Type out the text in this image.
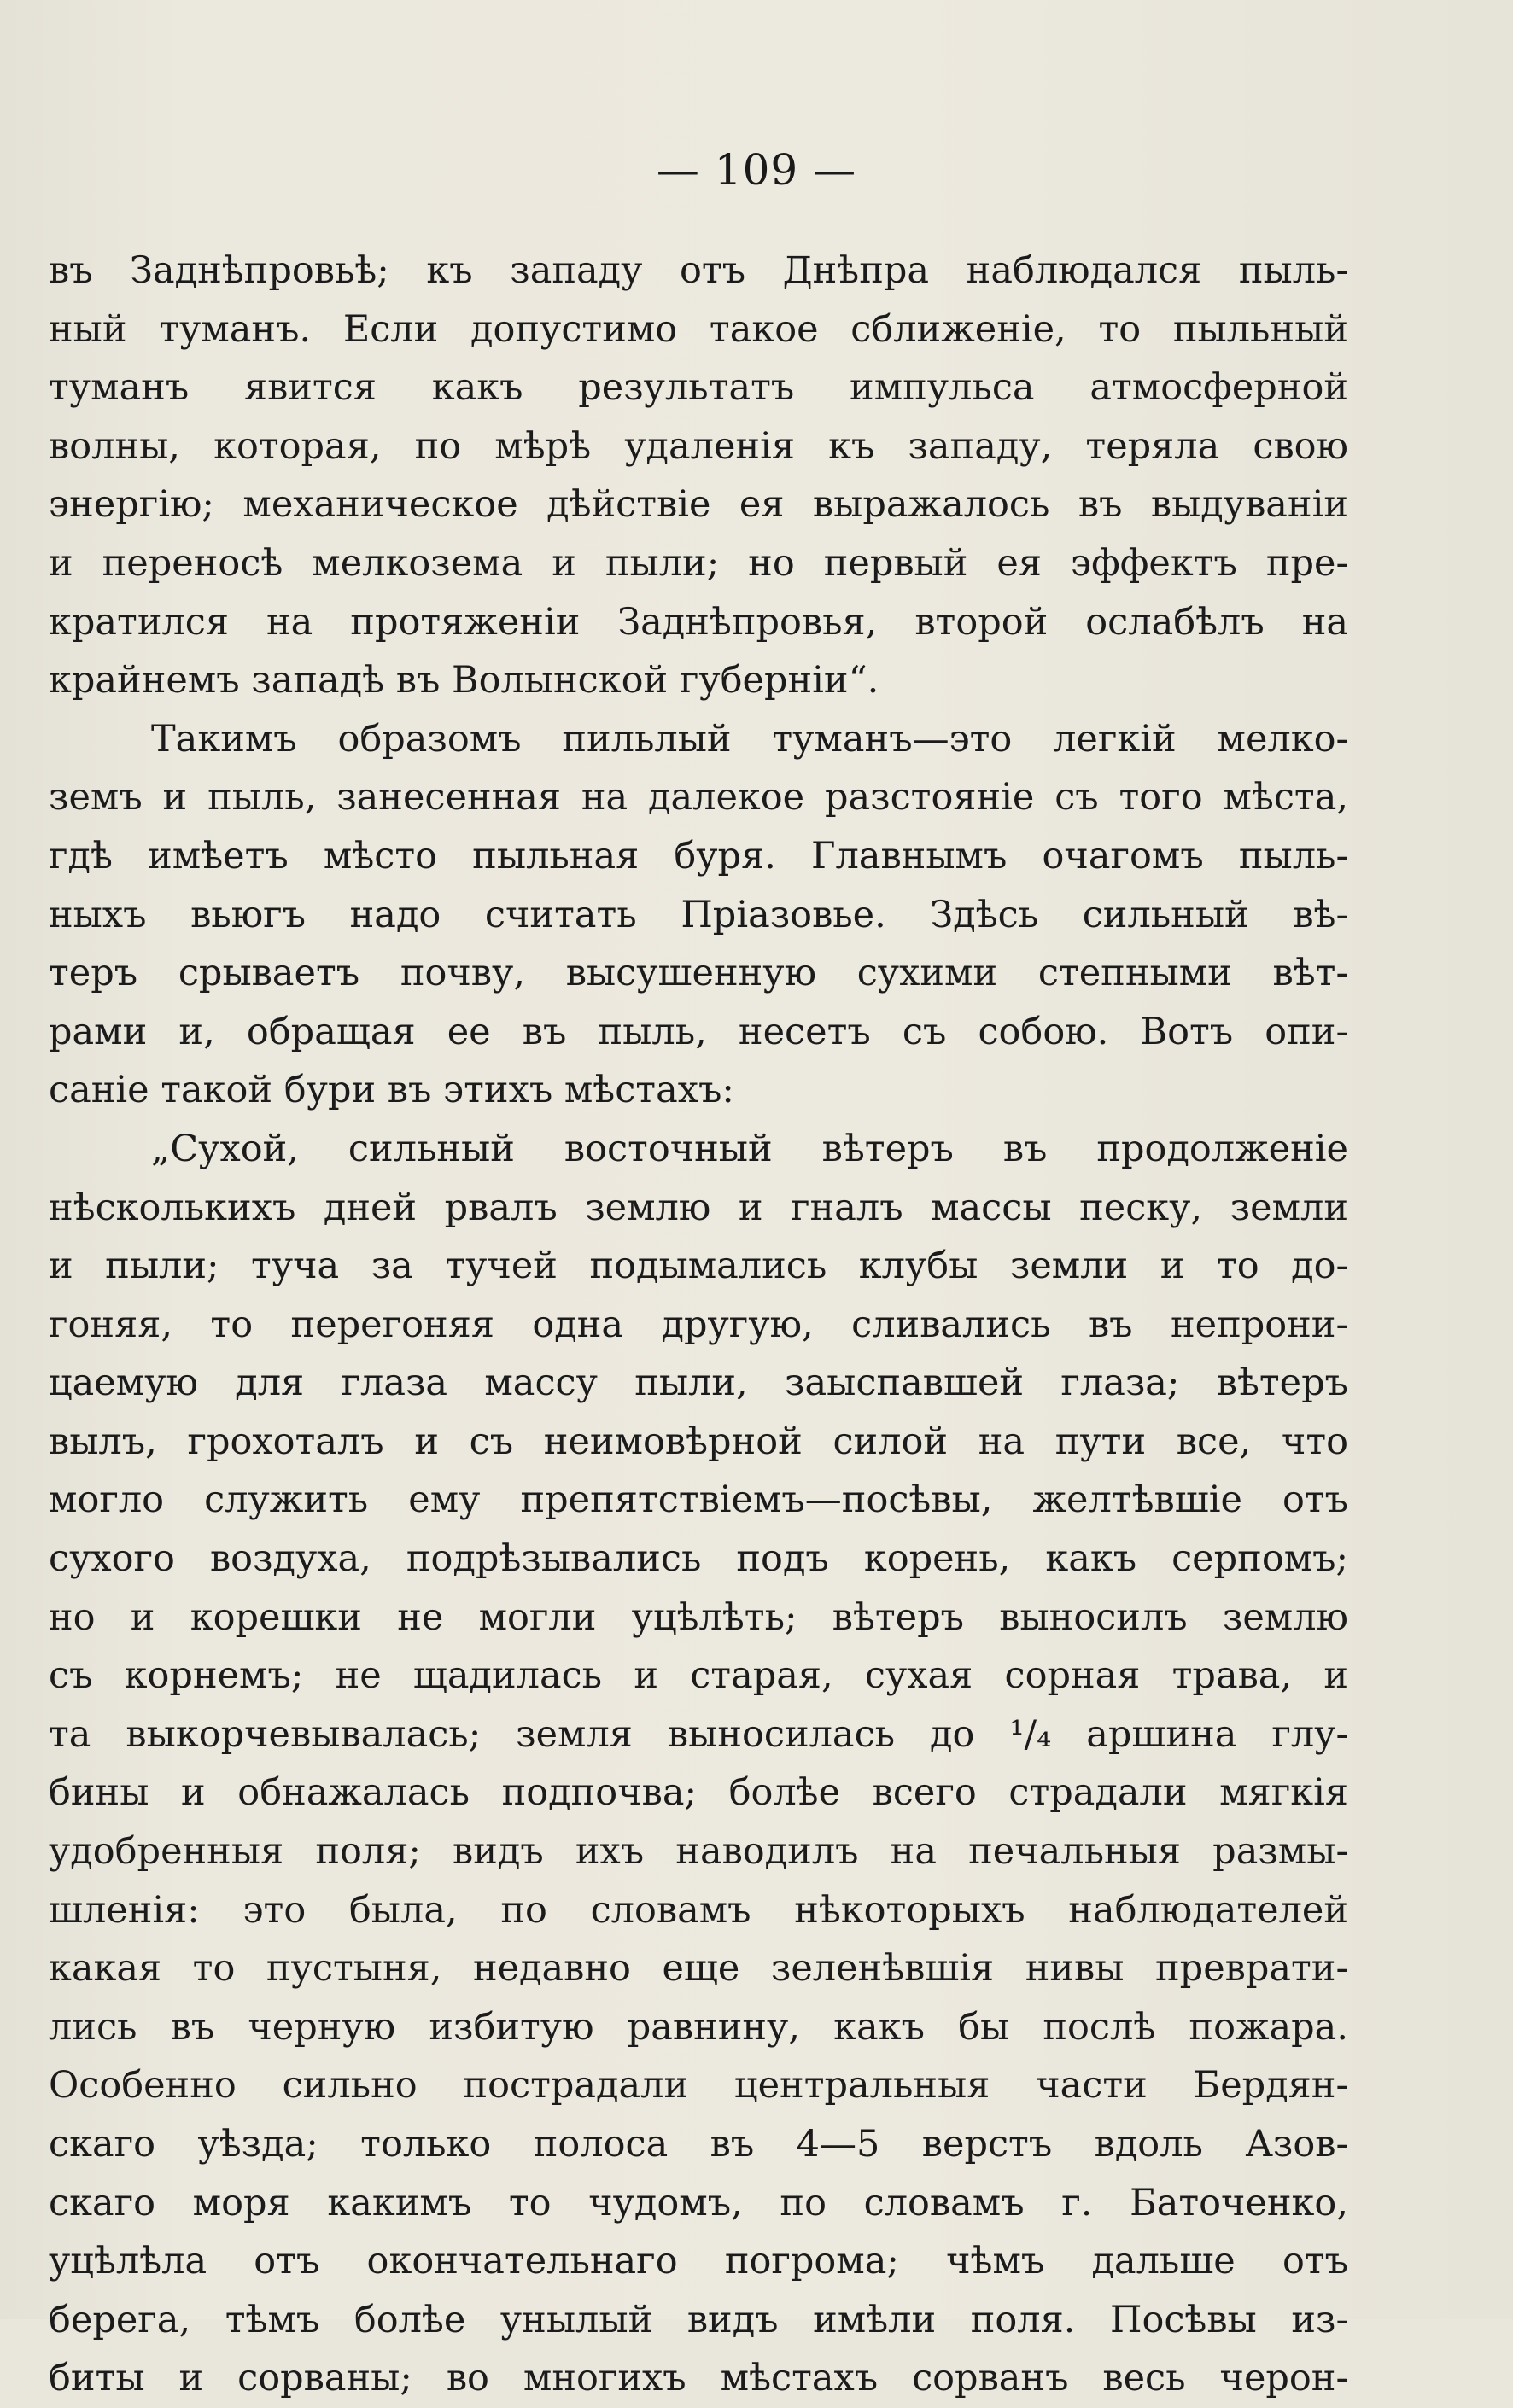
— 109 —
въ Заднѣпровьѣ; къ западу отъ Днѣпра наблюдался пыль-
ный туманъ. Если допустимо такое сближенiе, то пыльный
туманъ явится какъ результатъ импульса атмосферной
волны, которая, по мѣрѣ удаленiя къ западу, теряла свою
энергiю; механическое дѣйствiе ея выражалось въ выдуваніи
и переносѣ мелкозема и пыли; но первый ея эффектъ пре-
кратился на протяженiи Заднѣпровья, второй ослабѣлъ на
крайнемъ западѣ въ Волынской губернiи“.
Такимъ образомъ пильлый туманъ—это легкiй мелко-
земъ и пыль, занесенная на далекое разстоянiе съ того мѣста,
гдѣ имѣетъ мѣсто пыльная буря. Главнымъ очагомъ пыль-
ныхъ вьюгъ надо считать Прiазовье. Здѣсь сильный вѣ-
теръ срываетъ почву, высушенную сухими степными вѣт-
рами и, обращая ее въ пыль, несетъ съ собою. Вотъ опи-
санiе такой бури въ этихъ мѣстахъ:
„Сухой, сильный восточный вѣтеръ въ продолженiе
нѣсколькихъ дней рвалъ землю и гналъ массы песку, земли
и пыли; туча за тучей подымались клубы земли и то до-
гоняя, то перегоняя одна другую, сливались въ непрони-
цаемую для глаза массу пыли, заыспавшей глаза; вѣтеръ
вылъ, грохоталъ и съ неимовѣрной силой на пути все, что
могло служить ему препятствiемъ—посѣвы, желтѣвшiе отъ
сухого воздуха, подрѣзывались подъ корень, какъ серпомъ;
но и корешки не могли уцѣлѣть; вѣтеръ выносилъ землю
съ корнемъ; не щадилась и старая, сухая сорная трава, и
та выкорчевывалась; земля выносилась до ¹/₄ аршина глу-
бины и обнажалась подпочва; болѣе всего страдали мягкiя
удобренныя поля; видъ ихъ наводилъ на печальныя размы-
шленiя: это была, по словамъ нѣкоторыхъ наблюдателей
какая то пустыня, недавно еще зеленѣвшiя нивы преврати-
лись въ черную избитую равнину, какъ бы послѣ пожара.
Особенно сильно пострадали центральныя части Бердян-
скаго уѣзда; только полоса въ 4—5 верстъ вдоль Азов-
скаго моря какимъ то чудомъ, по словамъ г. Баточенко,
уцѣлѣла отъ окончательнаго погрома; чѣмъ дальше отъ
берега, тѣмъ болѣе унылый видъ имѣли поля. Посѣвы из-
биты и сорваны; во многихъ мѣстахъ сорванъ весь черон-
